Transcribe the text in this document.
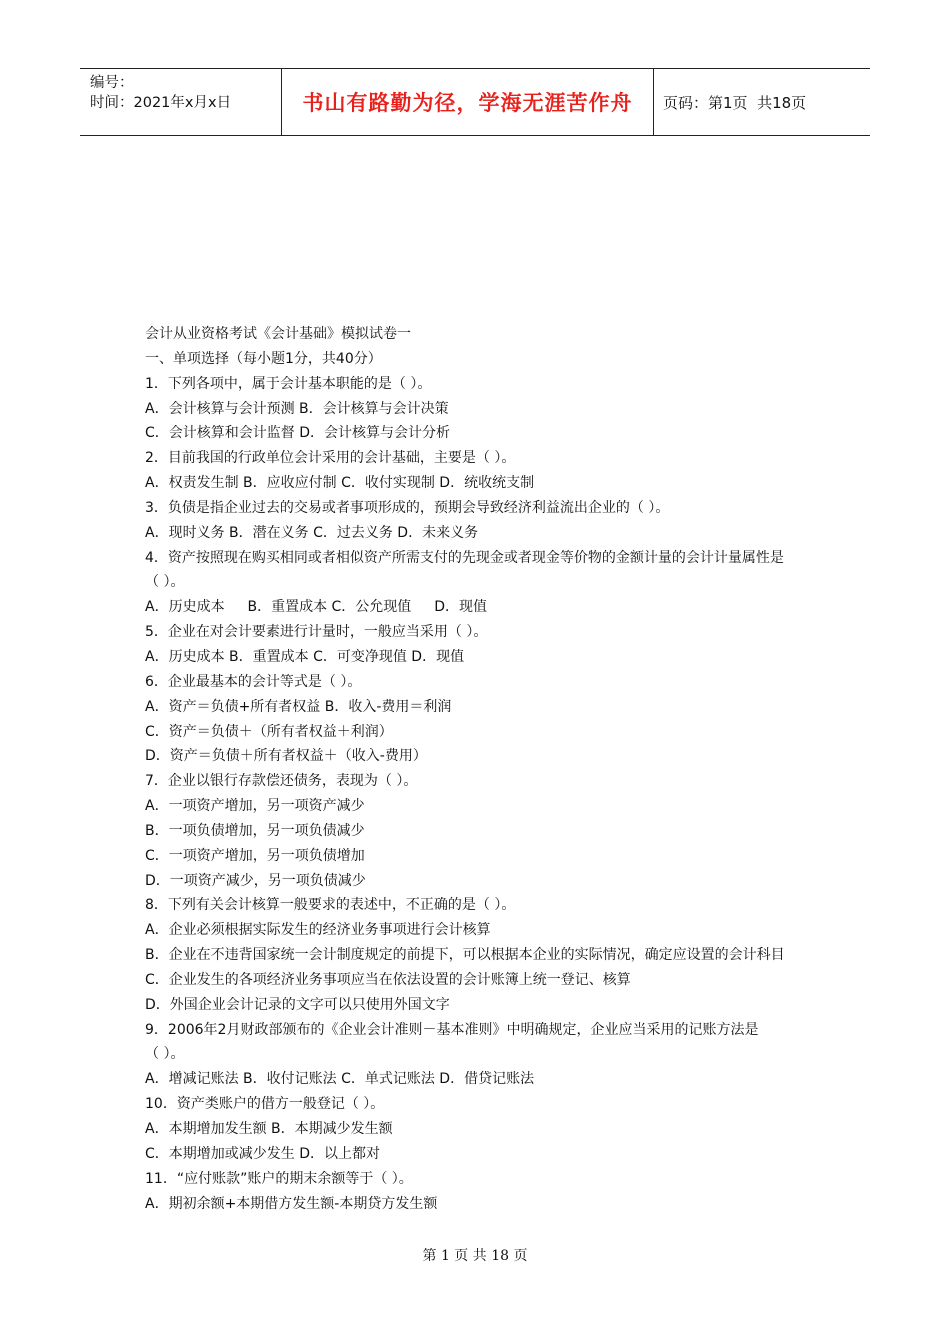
编号：
时间：2021年x月x日	书山有路勤为径，学海无涯苦作舟	页码：第1页  共18页
会计从业资格考试《会计基础》模拟试卷一
一、单项选择（每小题1分，共40分）
1．下列各项中，属于会计基本职能的是（ ）。
A．会计核算与会计预测 B．会计核算与会计决策
C．会计核算和会计监督 D．会计核算与会计分析
2．目前我国的行政单位会计采用的会计基础，主要是（ ）。
A．权责发生制 B．应收应付制 C．收付实现制 D．统收统支制
3．负债是指企业过去的交易或者事项形成的，预期会导致经济利益流出企业的（ ）。
A．现时义务 B．潜在义务 C．过去义务 D．未来义务
4．资产按照现在购买相同或者相似资产所需支付的先现金或者现金等价物的金额计量的会计计量属性是
（ ）。
A．历史成本　  B．重置成本 C．公允现值　  D．现值
5．企业在对会计要素进行计量时，一般应当采用（ ）。
A．历史成本 B．重置成本 C．可变净现值 D．现值
6．企业最基本的会计等式是（ ）。
A．资产＝负债+所有者权益 B．收入-费用＝利润
C．资产＝负债＋（所有者权益＋利润）
D．资产＝负债＋所有者权益＋（收入-费用）
7．企业以银行存款偿还债务，表现为（ ）。
A．一项资产增加，另一项资产减少
B．一项负债增加，另一项负债减少
C．一项资产增加，另一项负债增加
D．一项资产减少，另一项负债减少
8．下列有关会计核算一般要求的表述中，不正确的是（ ）。
A．企业必须根据实际发生的经济业务事项进行会计核算
B．企业在不违背国家统一会计制度规定的前提下，可以根据本企业的实际情况，确定应设置的会计科目
C．企业发生的各项经济业务事项应当在依法设置的会计账簿上统一登记、核算
D．外国企业会计记录的文字可以只使用外国文字
9．2006年2月财政部颁布的《企业会计准则－基本准则》中明确规定，企业应当采用的记账方法是
（ ）。
A．增减记账法 B．收付记账法 C．单式记账法 D．借贷记账法
10．资产类账户的借方一般登记（ ）。
A．本期增加发生额 B．本期减少发生额
C．本期增加或减少发生 D．以上都对
11．“应付账款”账户的期末余额等于（ ）。
A．期初余额+本期借方发生额-本期贷方发生额
第 1 页 共 18 页
